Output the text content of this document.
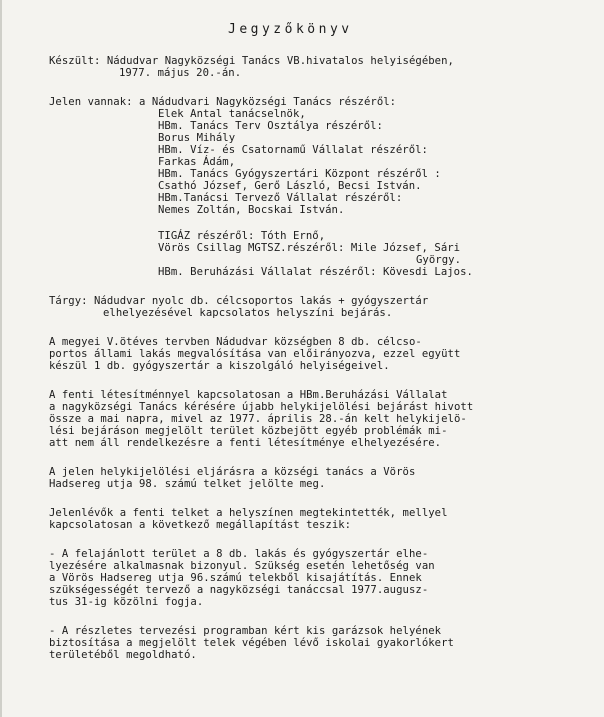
Jegyzőkönyv
Készült: Nádudvar Nagyközségi Tanács VB.hivatalos helyiségében,
1977. május 20.-án.
Jelen vannak: a Nádudvari Nagyközségi Tanács részéről:
Elek Antal tanácselnök,
HBm. Tanács Terv Osztálya részéről:
Borus Mihály
HBm. Víz- és Csatornamű Vállalat részéről:
Farkas Ádám,
HBm. Tanács Gyógyszertári Központ részéről :
Csathó József, Gerő László, Becsi István.
HBm.Tanácsi Tervező Vállalat részéről:
Nemes Zoltán, Bocskai István.
TIGÁZ részéről: Tóth Ernő,
Vörös Csillag MGTSZ.részéről: Mile József, Sári
György.
HBm. Beruházási Vállalat részéről: Kövesdi Lajos.
Tárgy: Nádudvar nyolc db. célcsoportos lakás + gyógyszertár
elhelyezésével kapcsolatos helyszíni bejárás.
A megyei V.ötéves tervben Nádudvar községben 8 db. célcso-
portos állami lakás megvalósítása van előirányozva, ezzel együtt
készül 1 db. gyógyszertár a kiszolgáló helyiségeivel.
A fenti létesítménnyel kapcsolatosan a HBm.Beruházási Vállalat
a nagyközségi Tanács kérésére újabb helykijelölési bejárást hivott
össze a mai napra, mivel az 1977. április 28.-án kelt helykijelö-
lési bejáráson megjelölt terület közbejött egyéb problémák mi-
att nem áll rendelkezésre a fenti létesítménye elhelyezésére.
A jelen helykijelölési eljárásra a községi tanács a Vörös
Hadsereg utja 98. számú telket jelölte meg.
Jelenlévők a fenti telket a helyszínen megtekintették, mellyel
kapcsolatosan a következő megállapítást teszik:
- A felajánlott terület a 8 db. lakás és gyógyszertár elhe-
lyezésére alkalmasnak bizonyul. Szükség esetén lehetőség van
a Vörös Hadsereg utja 96.számú telekből kisajátítás. Ennek
szükségességét tervező a nagyközségi tanáccsal 1977.augusz-
tus 31-ig közölni fogja.
- A részletes tervezési programban kért kis garázsok helyének
biztosítása a megjelölt telek végében lévő iskolai gyakorlókert
területéből megoldható.
